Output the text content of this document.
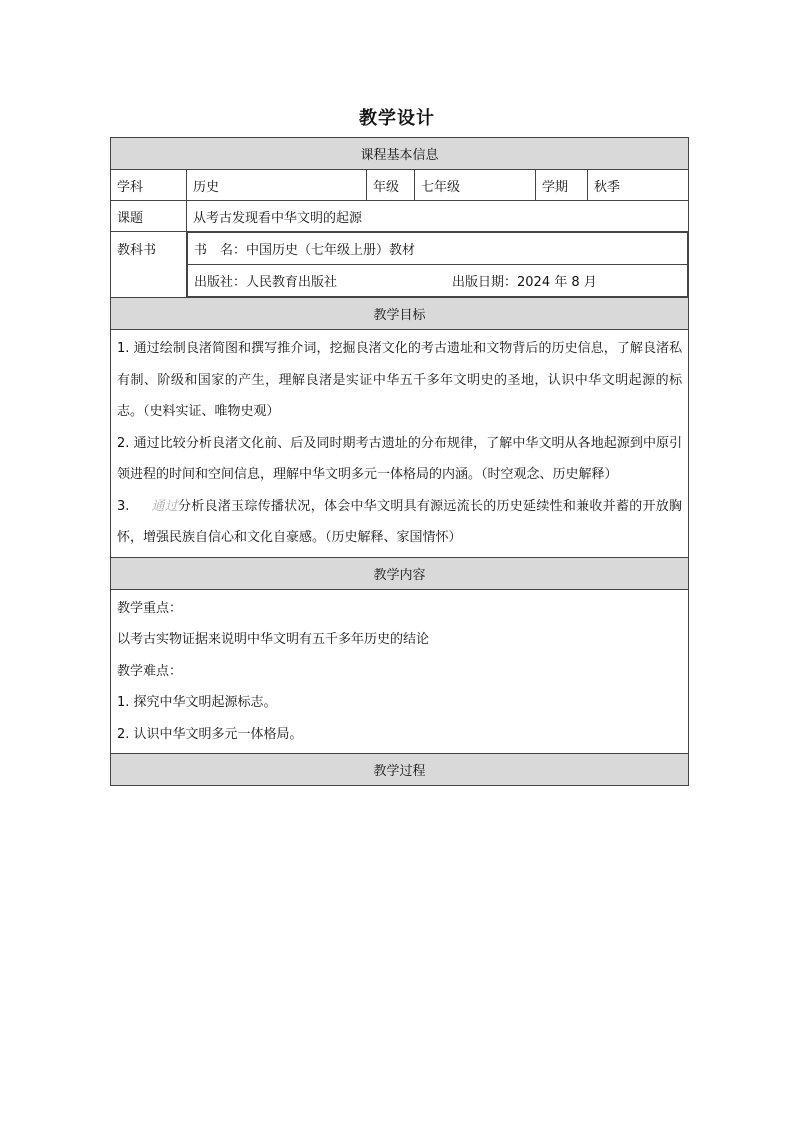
教学设计
课程基本信息
学科	历史	年级	七年级	学期	秋季
课题	从考古发现看中华文明的起源
教科书		书　名：中国历史（七年级上册）教材
出版社：人民教育出版社	出版日期：2024 年 8 月

教学目标

1. 通过绘制良渚简图和撰写推介词，挖掘良渚文化的考古遗址和文物背后的历史信息，了解良渚私有制、阶级和国家的产生，理解良渚是实证中华五千多年文明史的圣地，认识中华文明起源的标志。（史料实证、唯物史观）
2. 通过比较分析良渚文化前、后及同时期考古遗址的分布规律，了解中华文明从各地起源到中原引领进程的时间和空间信息，理解中华文明多元一体格局的内涵。（时空观念、历史解释）
3. 通过分析良渚玉琮传播状况，体会中华文明具有源远流长的历史延续性和兼收并蓄的开放胸怀，增强民族自信心和文化自豪感。（历史解释、家国情怀）

教学内容

教学重点：
以考古实物证据来说明中华文明有五千多年历史的结论
教学难点：
1. 探究中华文明起源标志。
2. 认识中华文明多元一体格局。

教学过程
